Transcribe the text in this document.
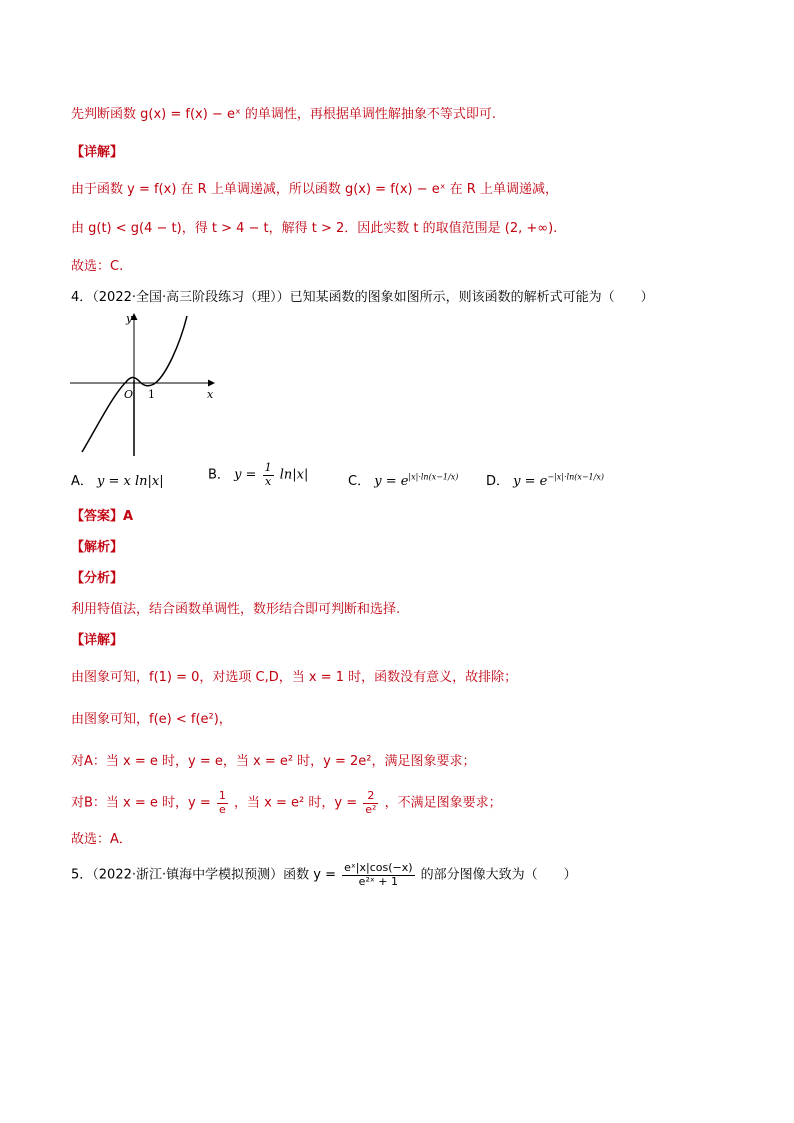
先判断函数 g(x) = f(x) − eˣ 的单调性，再根据单调性解抽象不等式即可.
【详解】
由于函数 y = f(x) 在 R 上单调递减，所以函数 g(x) = f(x) − eˣ 在 R 上单调递减，
由 g(t) < g(4 − t)，得 t > 4 − t，解得 t > 2．因此实数 t 的取值范围是 (2, +∞).
故选：C.
4．（2022·全国·高三阶段练习（理））已知某函数的图象如图所示，则该函数的解析式可能为（　　）
y
x
O 1
A． y = x ln|x|	B． $y = \frac{1}{x} \ln|x|$	C． $y = e^{|x|\cdot ln(x-1/x)}$ D． $y = e^{-|x|\cdot ln(x-1/x)}$
【答案】A
【解析】
【分析】
利用特值法，结合函数单调性，数形结合即可判断和选择.
【详解】
由图象可知，f(1) = 0，对选项 C,D，当 x = 1 时，函数没有意义，故排除；
由图象可知，f(e) < f(e²)，
对A：当 x = e 时，y = e，当 x = e² 时，y = 2e²，满足图象要求；
对B：当 x = e 时，$y = \frac{1}{e}$ ，当 x = e² 时，$y = \frac{2}{\text{e²}}$ ，不满足图象要求；
故选：A．
5．（2022·浙江·镇海中学模拟预测）函数 $y = \frac{\text{eˣ|x|cos(−x)}}{\text{e²ˣ + 1}}$ 的部分图像大致为（　　）
